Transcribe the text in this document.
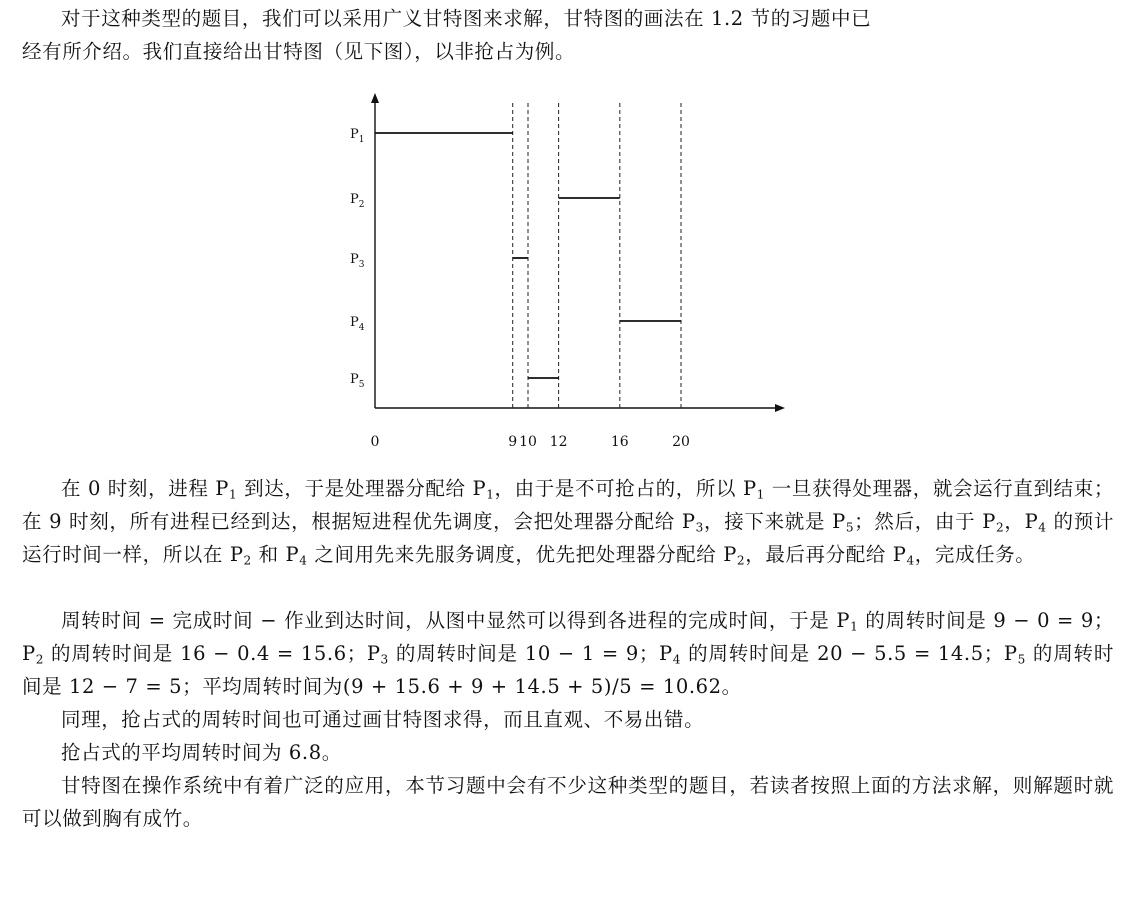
对于这种类型的题目，我们可以采用广义甘特图来求解，甘特图的画法在 1.2 节的习题中已
经有所介绍。我们直接给出甘特图（见下图），以非抢占为例。

$P_1$
$P_2$
$P_3$
$P_4$
$P_5$
0	9 10 12	16	20

在 0 时刻，进程 $P_1$ 到达，于是处理器分配给 $P_1$，由于是不可抢占的，所以 $P_1$ 一旦获得处理器，就会运行直到结束；在 9 时刻，所有进程已经到达，根据短进程优先调度，会把处理器分配给 $P_3$，接下来就是 $P_5$；然后，由于 $P_2$，$P_4$ 的预计运行时间一样，所以在 $P_2$ 和 $P_4$ 之间用先来先服务调度，优先把处理器分配给 $P_2$，最后再分配给 $P_4$，完成任务。

周转时间 = 完成时间 − 作业到达时间，从图中显然可以得到各进程的完成时间，于是 $P_1$ 的周转时间是 9 − 0 = 9；$P_2$ 的周转时间是 16 − 0.4 = 15.6；$P_3$ 的周转时间是 10 − 1 = 9；$P_4$ 的周转时间是 20 − 5.5 = 14.5；$P_5$ 的周转时间是 12 − 7 = 5；平均周转时间为(9 + 15.6 + 9 + 14.5 + 5)/5 = 10.62。

同理，抢占式的周转时间也可通过画甘特图求得，而且直观、不易出错。

抢占式的平均周转时间为 6.8。

甘特图在操作系统中有着广泛的应用，本节习题中会有不少这种类型的题目，若读者按照上面的方法求解，则解题时就可以做到胸有成竹。
